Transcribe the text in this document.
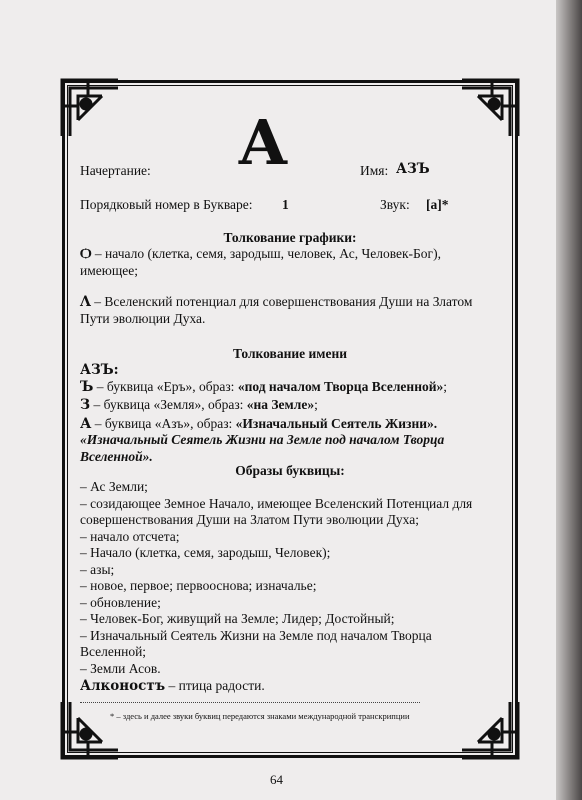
А
Начертание:	Имя: АЗЪ
Порядковый номер в Букваре: 1	Звук: [а]*
Толкование графики:

Ѻ – начало (клетка, семя, зародыш, человек, Ас, Человек-Бог),

имеющее;

Ʌ – Вселенский потенциал для совершенствования Души на Златом

Пути эволюции Духа.

Толкование имени

АЗЪ:

Ъ – буквица «Еръ», образ: «под началом Творца Вселенной»;

З – буквица «Земля», образ: «на Земле»;

А – буквица «Азъ», образ: «Изначальный Сеятель Жизни».

«Изначальный Сеятель Жизни на Земле под началом Творца

Вселенной».

Образы буквицы:

– Ас Земли;

– созидающее Земное Начало, имеющее Вселенский Потенциал для

совершенствования Души на Златом Пути эволюции Духа;

– начало отсчета;

– Начало (клетка, семя, зародыш, Человек);

– азы;

– новое, первое; первооснова; изначалье;

– обновление;

– Человек-Бог, живущий на Земле; Лидер; Достойный;

– Изначальный Сеятель Жизни на Земле под началом Творца

Вселенной;

– Земли Асов.

Алконостъ – птица радости.

* – здесь и далее звуки буквиц передаются знаками международной транскрипции
64
